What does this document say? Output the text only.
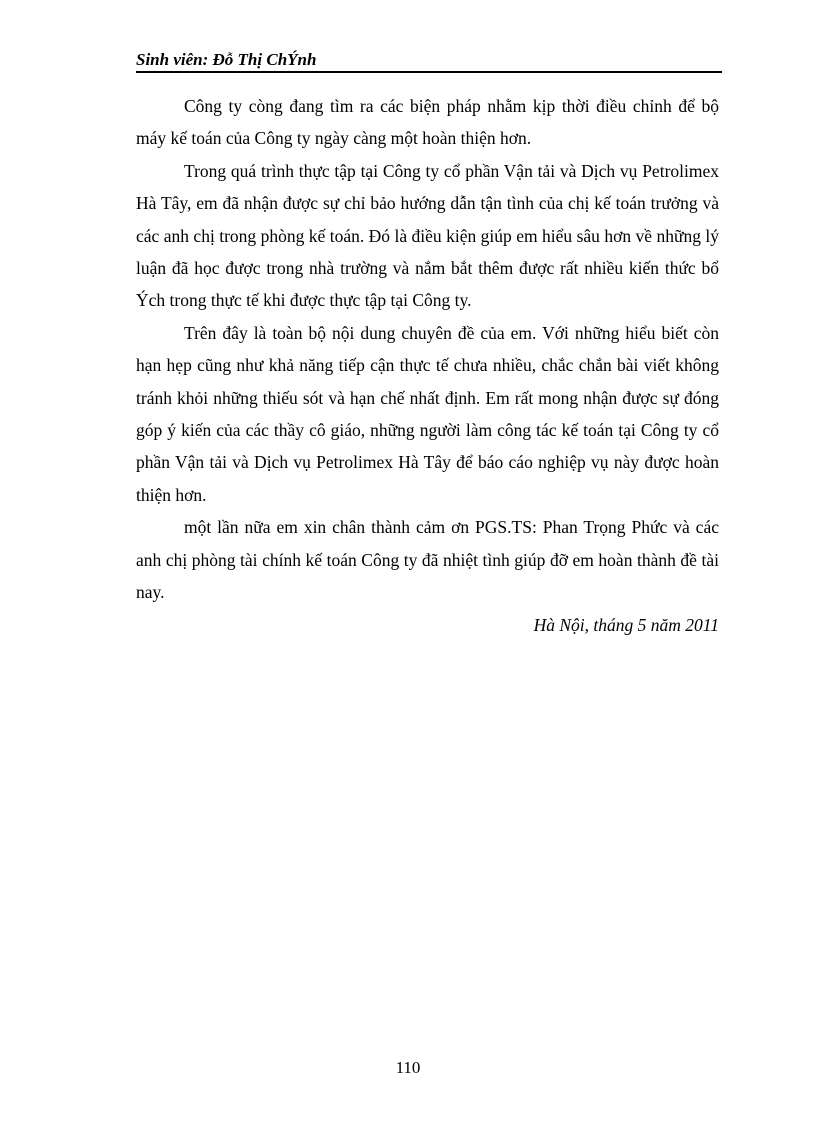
Sinh viên: Đỗ Thị ChÝnh

Công ty còng đang tìm ra các biện pháp nhằm kịp thời điều chỉnh để bộ máy kế toán của Công ty ngày càng một hoàn thiện hơn.

Trong quá trình thực tập tại Công ty cổ phần Vận tải và Dịch vụ Petrolimex Hà Tây, em đã nhận được sự chỉ bảo hướng dẫn tận tình của chị kế toán trưởng và các anh chị trong phòng kế toán. Đó là điều kiện giúp em hiểu sâu hơn về những lý luận đã học được trong nhà trường và nắm bắt thêm được rất nhiều kiến thức bổ Ých trong thực tế khi được thực tập tại Công ty.

Trên đây là toàn bộ nội dung chuyên đề của em. Với những hiểu biết còn hạn hẹp cũng như khả năng tiếp cận thực tế chưa nhiều, chắc chắn bài viết không tránh khỏi những thiếu sót và hạn chế nhất định. Em rất mong nhận được sự đóng góp ý kiến của các thầy cô giáo, những người làm công tác kế toán tại Công ty cổ phần Vận tải và Dịch vụ Petrolimex Hà Tây để báo cáo nghiệp vụ này được hoàn thiện hơn.

một lần nữa em xin chân thành cảm ơn PGS.TS: Phan Trọng Phức và các anh chị phòng tài chính kế toán Công ty đã nhiệt tình giúp đỡ em hoàn thành đề tài nay.

Hà Nội, tháng 5 năm 2011

110
